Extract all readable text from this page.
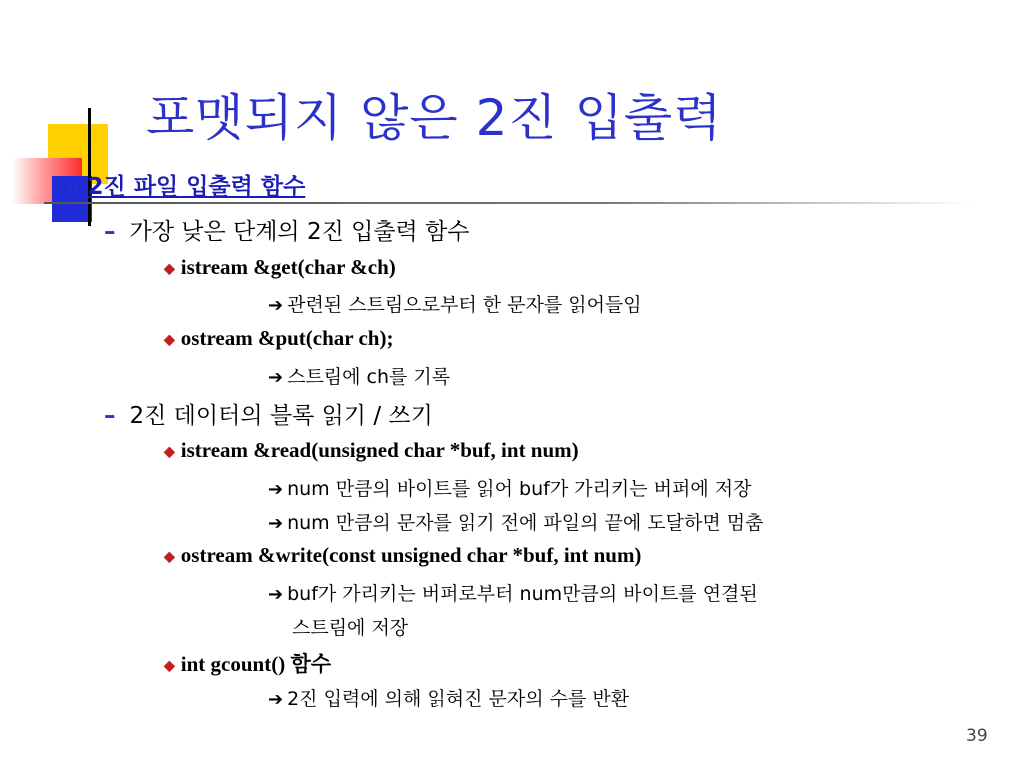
포맷되지 않은 2진 입출력
ㅁ 2진 파일 입출력 함수
– 가장 낮은 단계의 2진 입출력 함수
◆ istream &get(char &ch)
➔ 관련된 스트림으로부터 한 문자를 읽어들임
◆ ostream &put(char ch);
➔ 스트림에 ch를 기록
– 2진 데이터의 블록 읽기 / 쓰기
◆ istream &read(unsigned char *buf, int num)
➔ num 만큼의 바이트를 읽어 buf가 가리키는 버퍼에 저장
➔ num 만큼의 문자를 읽기 전에 파일의 끝에 도달하면 멈춤
◆ ostream &write(const unsigned char *buf, int num)
➔ buf가 가리키는 버퍼로부터 num만큼의 바이트를 연결된
스트림에 저장
◆ int gcount() 함수
➔ 2진 입력에 의해 읽혀진 문자의 수를 반환
39
